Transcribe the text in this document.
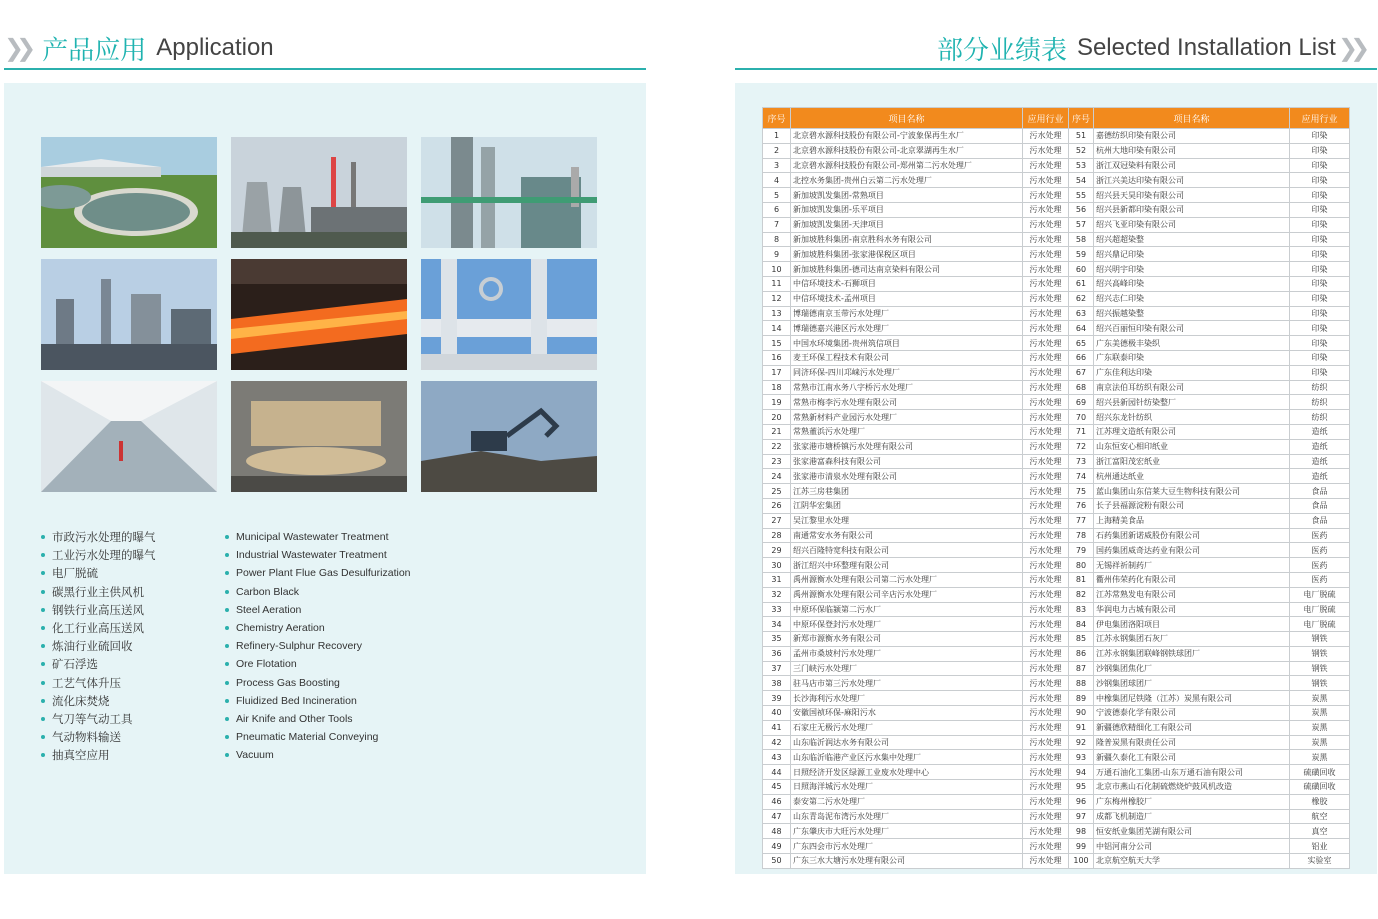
❯❯ 产品应用 Application	部分业绩表 Selected Installation List ❮❮
市政污水处理的曝气
工业污水处理的曝气
电厂脱硫
碳黑行业主供风机
钢铁行业高压送风
化工行业高压送风
炼油行业硫回收
矿石浮选
工艺气体升压
流化床焚烧
气刀等气动工具
气动物料输送
抽真空应用
Municipal Wastewater Treatment
Industrial Wastewater Treatment
Power Plant Flue Gas Desulfurization
Carbon Black
Steel Aeration
Chemistry Aeration
Refinery-Sulphur Recovery
Ore Flotation
Process Gas Boosting
Fluidized Bed Incineration
Air Knife and Other Tools
Pneumatic Material Conveying
Vacuum
序号	项目名称	应用行业	序号	项目名称	应用行业
1	北京碧水源科技股份有限公司-宁波象保再生水厂	污水处理	51	嘉德纺织印染有限公司	印染
2	北京碧水源科技股份有限公司-北京翠湖再生水厂	污水处理	52	杭州大地印染有限公司	印染
3	北京碧水源科技股份有限公司-郑州第二污水处理厂	污水处理	53	浙江双冠染料有限公司	印染
4	北控水务集团-贵州白云第二污水处理厂	污水处理	54	浙江兴美达印染有限公司	印染
5	新加坡凯发集团-常熟项目	污水处理	55	绍兴县天昊印染有限公司	印染
6	新加坡凯发集团-乐平项目	污水处理	56	绍兴县新都印染有限公司	印染
7	新加坡凯发集团-天津项目	污水处理	57	绍兴飞亚印染有限公司	印染
8	新加坡胜科集团-南京胜科水务有限公司	污水处理	58	绍兴超超染整	印染
9	新加坡胜科集团-张家港保税区项目	污水处理	59	绍兴鼎记印染	印染
10	新加坡胜科集团-德司达南京染料有限公司	污水处理	60	绍兴明宇印染	印染
11	中信环境技术-石狮项目	污水处理	61	绍兴高峰印染	印染
12	中信环境技术-孟州项目	污水处理	62	绍兴志仁印染	印染
13	博瑞德南京玉带污水处理厂	污水处理	63	绍兴振越染整	印染
14	博瑞德嘉兴港区污水处理厂	污水处理	64	绍兴百丽恒印染有限公司	印染
15	中国水环境集团-贵州筑信项目	污水处理	65	广东美德极丰染织	印染
16	麦王环保工程技术有限公司	污水处理	66	广东联泰印染	印染
17	同济环保-四川邛崃污水处理厂	污水处理	67	广东佳利达印染	印染
18	常熟市江南水务八字桥污水处理厂	污水处理	68	南京法伯耳纺织有限公司	纺织
19	常熟市梅李污水处理有限公司	污水处理	69	绍兴县新园针纺染整厂	纺织
20	常熟新材料产业园污水处理厂	污水处理	70	绍兴东龙针纺织	纺织
21	常熟董浜污水处理厂	污水处理	71	江苏理文造纸有限公司	造纸
22	张家港市塘桥镇污水处理有限公司	污水处理	72	山东恒安心相印纸业	造纸
23	张家港富森科技有限公司	污水处理	73	浙江富阳茂宏纸业	造纸
24	张家港市清泉水处理有限公司	污水处理	74	杭州通达纸业	造纸
25	江苏三房巷集团	污水处理	75	蓝山集团山东信莱大豆生物科技有限公司	食品
26	江阴华宏集团	污水处理	76	长子县福源淀粉有限公司	食品
27	吴江黎里水处理	污水处理	77	上海精美食品	食品
28	南通常安水务有限公司	污水处理	78	石药集团新诺威股份有限公司	医药
29	绍兴百隆特宽科技有限公司	污水处理	79	国药集团威奇达药业有限公司	医药
30	浙江绍兴中环整理有限公司	污水处理	80	无锡祥祈制药厂	医药
31	禹州源衡水处理有限公司第二污水处理厂	污水处理	81	衢州伟荣药化有限公司	医药
32	禹州源衡水处理有限公司辛店污水处理厂	污水处理	82	江苏常熟发电有限公司	电厂脱硫
33	中原环保临颍第二污水厂	污水处理	83	华润电力古城有限公司	电厂脱硫
34	中原环保登封污水处理厂	污水处理	84	伊电集团洛阳项目	电厂脱硫
35	新郑市源衡水务有限公司	污水处理	85	江苏永钢集团石灰厂	钢铁
36	孟州市桑坡村污水处理厂	污水处理	86	江苏永钢集团联峰钢铁球团厂	钢铁
37	三门峡污水处理厂	污水处理	87	沙钢集团焦化厂	钢铁
38	驻马店市第三污水处理厂	污水处理	88	沙钢集团球团厂	钢铁
39	长沙海利污水处理厂	污水处理	89	中橡集团尼铁隆（江苏）炭黑有限公司	炭黑
40	安徽国祯环保-麻阳污水	污水处理	90	宁波德泰化学有限公司	炭黑
41	石家庄无极污水处理厂	污水处理	91	新疆德欣精细化工有限公司	炭黑
42	山东临沂润达水务有限公司	污水处理	92	隆普炭黑有限责任公司	炭黑
43	山东临沂临港产业区污水集中处理厂	污水处理	93	新疆久泰化工有限公司	炭黑
44	日照经济开发区绿源工业废水处理中心	污水处理	94	万通石油化工集团-山东万通石油有限公司	硫磺回收
45	日照海洋城污水处理厂	污水处理	95	北京市燕山石化制硫燃烧炉鼓风机改造	硫磺回收
46	泰安第二污水处理厂	污水处理	96	广东梅州橡胶厂	橡胶
47	山东青岛泥布湾污水处理厂	污水处理	97	成都飞机制造厂	航空
48	广东肇庆市大旺污水处理厂	污水处理	98	恒安纸业集团芜湖有限公司	真空
49	广东四会市污水处理厂	污水处理	99	中铝河南分公司	铝业
50	广东三水大塘污水处理有限公司	污水处理	100	北京航空航天大学	实验室
